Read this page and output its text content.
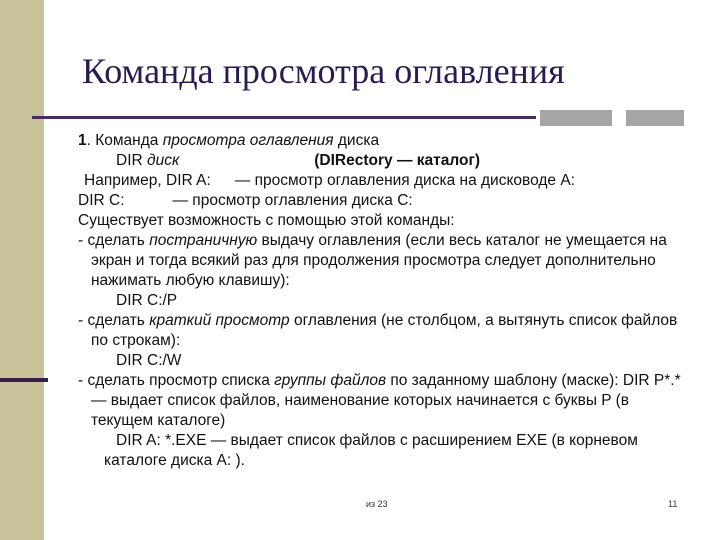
Команда просмотра оглавления
1. Команда просмотра оглавления диска
DIR диск	(DIRectory — каталог)
Например, DIR A: — просмотр оглавления диска на дисководе A:
DIR C:	— просмотр оглавления диска C:
Существует возможность с помощью этой команды:
- сделать постраничную выдачу оглавления (если весь каталог не умещается на экран и тогда всякий раз для продолжения просмотра следует дополнительно нажимать любую клавишу):
DIR C:/P
- сделать краткий просмотр оглавления (не столбцом, а вытянуть список файлов по строкам):
DIR C:/W
- сделать просмотр списка группы файлов по заданному шаблону (маске): DIR P*.* — выдает список файлов, наименование которых начинается с буквы P (в текущем каталоге)
DIR A: *.EXE — выдает список файлов с расширением EXE (в корневом каталоге диска A: ).
из 23	11
